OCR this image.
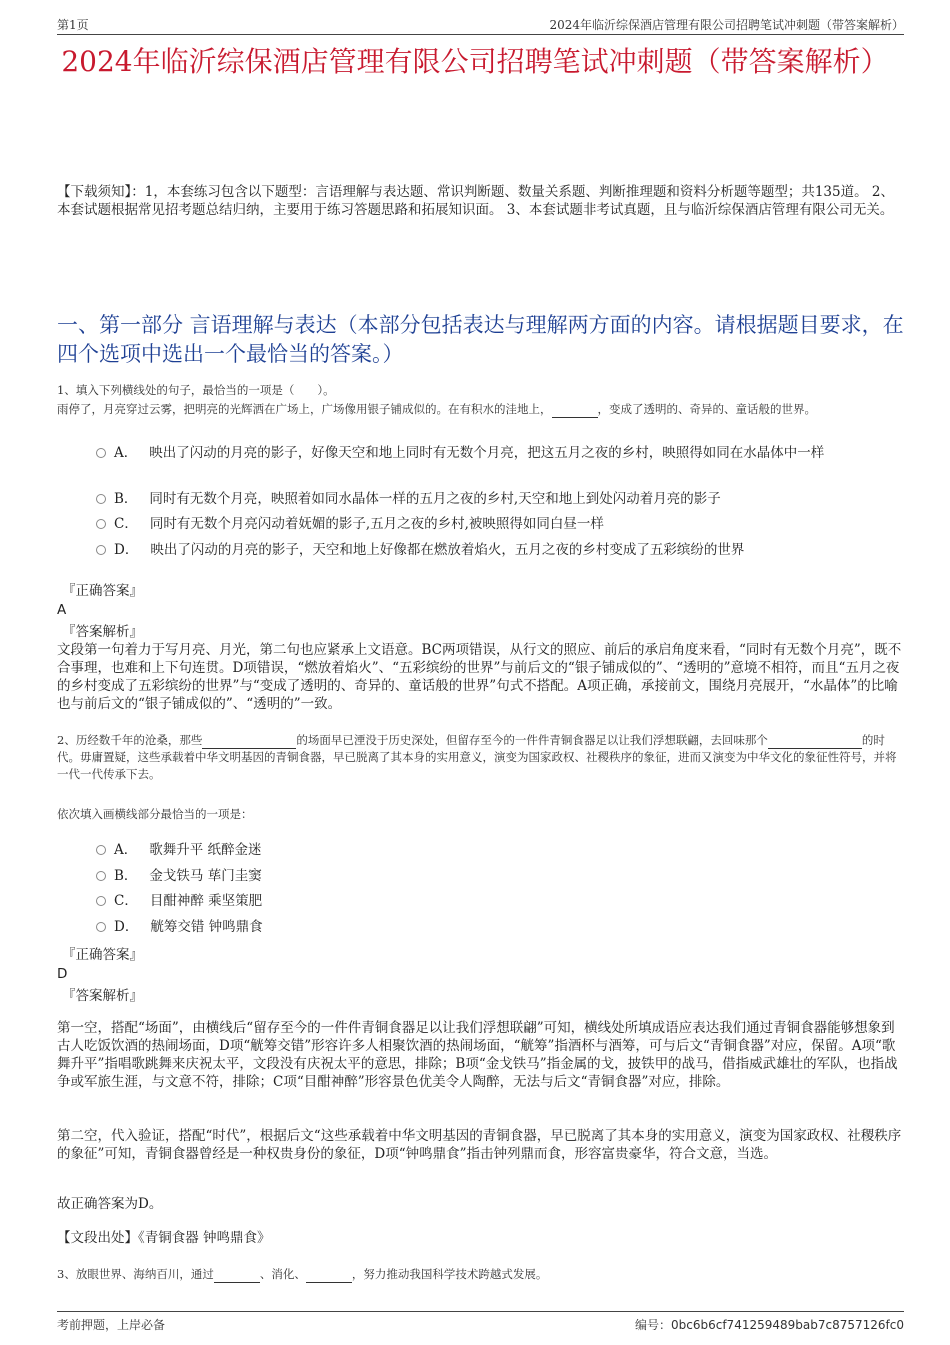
第1页	2024年临沂综保酒店管理有限公司招聘笔试冲刺题（带答案解析）
2024年临沂综保酒店管理有限公司招聘笔试冲刺题（带答案解析）

【下载须知】：1，本套练习包含以下题型：言语理解与表达题、常识判断题、数量关系题、判断推理题和资料分析题等题型；共135道。 2、本套试题根据常见招考题总结归纳，主要用于练习答题思路和拓展知识面。 3、本套试题非考试真题，且与临沂综保酒店管理有限公司无关。

一、第一部分 言语理解与表达（本部分包括表达与理解两方面的内容。请根据题目要求，在四个选项中选出一个最恰当的答案。）

1、填入下列横线处的句子，最恰当的一项是（　　）。

雨停了，月亮穿过云雾，把明亮的光辉洒在广场上，广场像用银子铺成似的。在有积水的洼地上，	，变成了透明的、奇异的、童话般的世界。

A． 映出了闪动的月亮的影子，好像天空和地上同时有无数个月亮，把这五月之夜的乡村，映照得如同在水晶体中一样

B． 同时有无数个月亮，映照着如同水晶体一样的五月之夜的乡村,天空和地上到处闪动着月亮的影子

C． 同时有无数个月亮闪动着妩媚的影子,五月之夜的乡村,被映照得如同白昼一样

D． 映出了闪动的月亮的影子，天空和地上好像都在燃放着焰火，五月之夜的乡村变成了五彩缤纷的世界

『正确答案』

A

『答案解析』

文段第一句着力于写月亮、月光，第二句也应紧承上文语意。BC两项错误，从行文的照应、前后的承启角度来看，“同时有无数个月亮”，既不合事理，也难和上下句连贯。D项错误，“燃放着焰火”、“五彩缤纷的世界”与前后文的“银子铺成似的”、“透明的”意境不相符，而且“五月之夜的乡村变成了五彩缤纷的世界”与“变成了透明的、奇异的、童话般的世界”句式不搭配。A项正确，承接前文，围绕月亮展开，“水晶体”的比喻也与前后文的“银子铺成似的”、“透明的”一致。

2、历经数千年的沧桑，那些	的场面早已湮没于历史深处，但留存至今的一件件青铜食器足以让我们浮想联翩，去回味那个	的时代。毋庸置疑，这些承载着中华文明基因的青铜食器，早已脱离了其本身的实用意义，演变为国家政权、社稷秩序的象征，进而又演变为中华文化的象征性符号，并将一代一代传承下去。

依次填入画横线部分最恰当的一项是：

A． 歌舞升平 纸醉金迷

B． 金戈铁马 荜门圭窦

C． 目酣神醉 乘坚策肥

D． 觥筹交错 钟鸣鼎食

『正确答案』

D

『答案解析』

第一空，搭配“场面”，由横线后“留存至今的一件件青铜食器足以让我们浮想联翩”可知，横线处所填成语应表达我们通过青铜食器能够想象到古人吃饭饮酒的热闹场面，D项“觥筹交错”形容许多人相聚饮酒的热闹场面，“觥筹”指酒杯与酒筹，可与后文“青铜食器”对应，保留。A项“歌舞升平”指唱歌跳舞来庆祝太平，文段没有庆祝太平的意思，排除；B项“金戈铁马”指金属的戈，披铁甲的战马，借指威武雄壮的军队，也指战争或军旅生涯，与文意不符，排除；C项“目酣神醉”形容景色优美令人陶醉，无法与后文“青铜食器”对应，排除。

第二空，代入验证，搭配“时代”，根据后文“这些承载着中华文明基因的青铜食器，早已脱离了其本身的实用意义，演变为国家政权、社稷秩序的象征”可知，青铜食器曾经是一种权贵身份的象征，D项“钟鸣鼎食”指击钟列鼎而食，形容富贵豪华，符合文意，当选。

故正确答案为D。

【文段出处】《青铜食器 钟鸣鼎食》

3、放眼世界、海纳百川，通过	、消化、	，努力推动我国科学技术跨越式发展。

考前押题，上岸必备	编号：0bc6b6cf741259489bab7c8757126fc0
